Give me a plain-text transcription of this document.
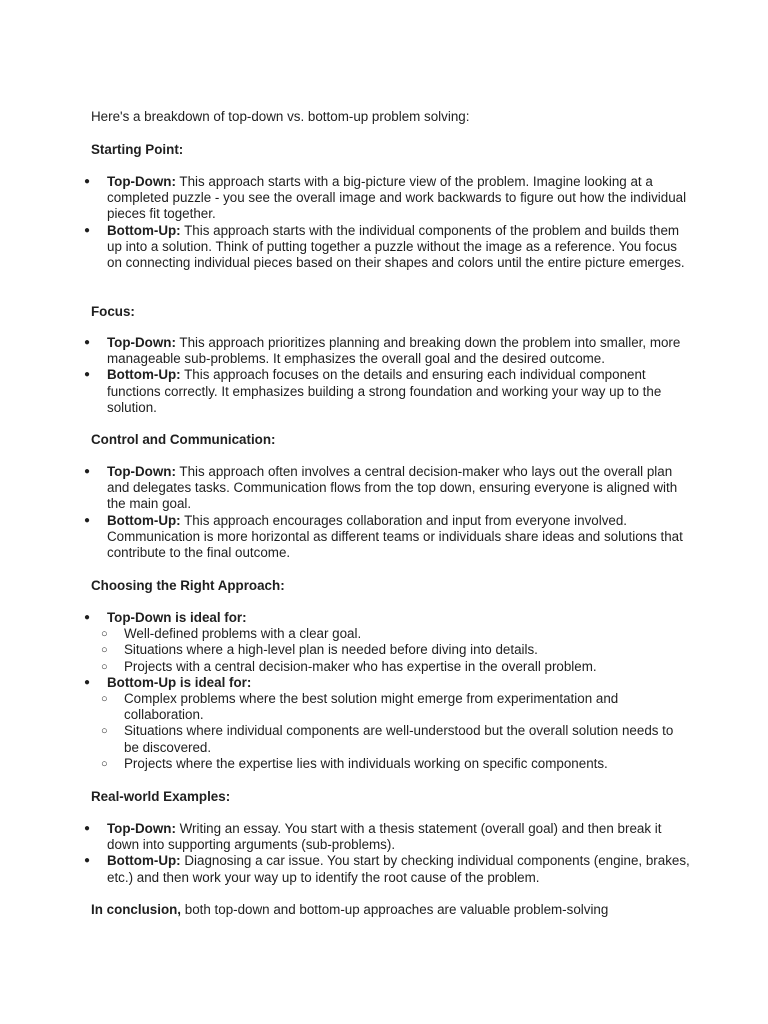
Here's a breakdown of top-down vs. bottom-up problem solving:

Starting Point:

● Top-Down: This approach starts with a big-picture view of the problem. Imagine looking at a completed puzzle - you see the overall image and work backwards to figure out how the individual pieces fit together.
● Bottom-Up: This approach starts with the individual components of the problem and builds them up into a solution. Think of putting together a puzzle without the image as a reference. You focus on connecting individual pieces based on their shapes and colors until the entire picture emerges.

Focus:

● Top-Down: This approach prioritizes planning and breaking down the problem into smaller, more manageable sub-problems. It emphasizes the overall goal and the desired outcome.
● Bottom-Up: This approach focuses on the details and ensuring each individual component functions correctly. It emphasizes building a strong foundation and working your way up to the solution.

Control and Communication:

● Top-Down: This approach often involves a central decision-maker who lays out the overall plan and delegates tasks. Communication flows from the top down, ensuring everyone is aligned with the main goal.
● Bottom-Up: This approach encourages collaboration and input from everyone involved. Communication is more horizontal as different teams or individuals share ideas and solutions that contribute to the final outcome.

Choosing the Right Approach:

● Top-Down is ideal for:
○ Well-defined problems with a clear goal.
○ Situations where a high-level plan is needed before diving into details.
○ Projects with a central decision-maker who has expertise in the overall problem.
● Bottom-Up is ideal for:
○ Complex problems where the best solution might emerge from experimentation and collaboration.
○ Situations where individual components are well-understood but the overall solution needs to be discovered.
○ Projects where the expertise lies with individuals working on specific components.

Real-world Examples:

● Top-Down: Writing an essay. You start with a thesis statement (overall goal) and then break it down into supporting arguments (sub-problems).
● Bottom-Up: Diagnosing a car issue. You start by checking individual components (engine, brakes, etc.) and then work your way up to identify the root cause of the problem.

In conclusion, both top-down and bottom-up approaches are valuable problem-solving
